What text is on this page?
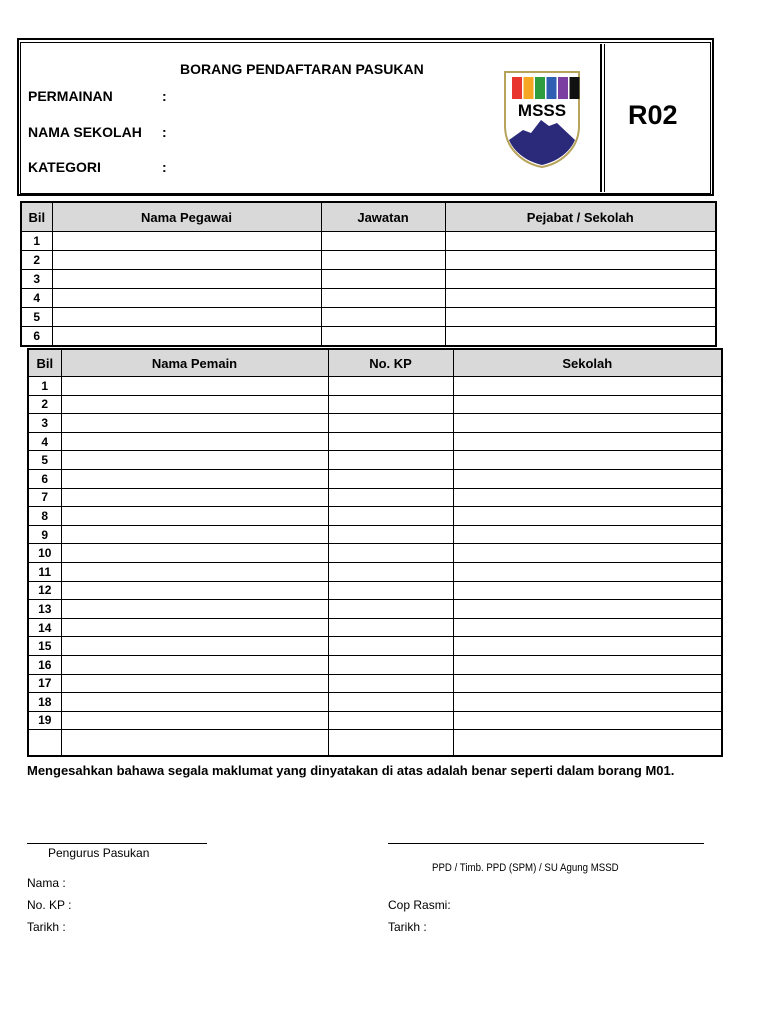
BORANG PENDAFTARAN PASUKAN
PERMAINAN	:
NAMA SEKOLAH :
KATEGORI	:
MSSS R02
Bil	Nama Pegawai	Jawatan	Pejabat / Sekolah
1			
2			
3			
4			
5			
6			
Bil	Nama Pemain	No. KP	Sekolah
1			
2			
3			
4			
5			
6			
7			
8			
9			
10			
11			
12			
13			
14			
15			
16			
17			
18			
19			

Mengesahkan bahawa segala maklumat yang dinyatakan di atas adalah benar seperti dalam borang M01.
Pengurus Pasukan
Nama :
No. KP :
Tarikh :
PPD / Timb. PPD (SPM) / SU Agung MSSD
Cop Rasmi:
Tarikh :
